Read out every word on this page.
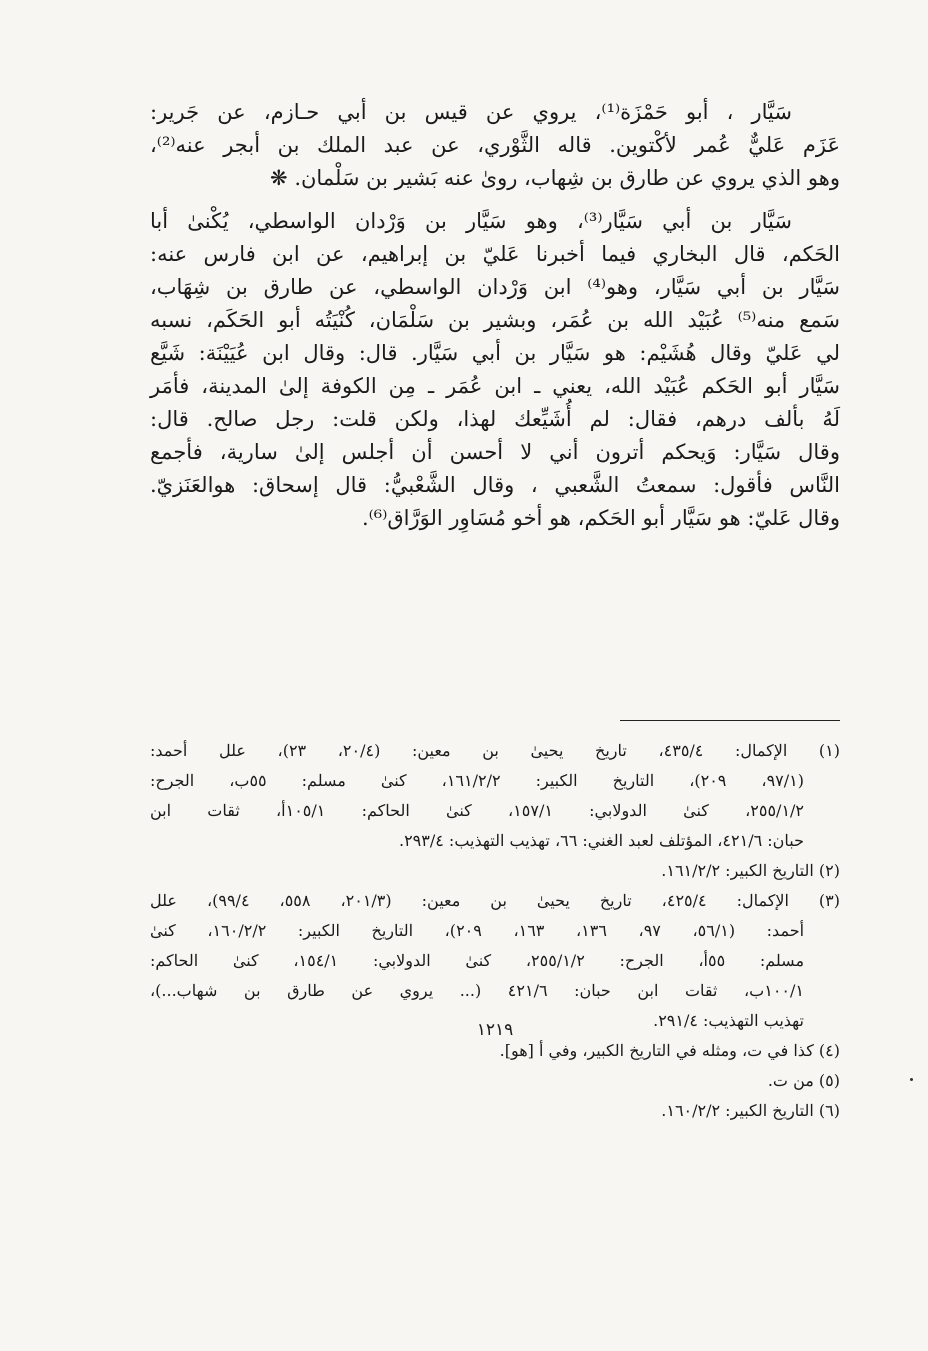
سَيَّار ، أبو حَمْزَة⁽¹⁾، يروي عن قيس بن أبي حـازم، عن جَرير:
عَزَم عَليٌّ عُمر لأكْتوين. قاله الثَّوْري، عن عبد الملك بن أبجر عنه⁽²⁾،
وهو الذي يروي عن طارق بن شِهاب، روىٰ عنه بَشير بن سَلْمان. ❋
سَيَّار بن أبي سَيَّار⁽³⁾، وهو سَيَّار بن وَرْدان الواسطي، يُكْنىٰ أبا
الحَكم، قال البخاري فيما أخبرنا عَليّ بن إبراهيم، عن ابن فارس عنه:
سَيَّار بن أبي سَيَّار، وهو⁽⁴⁾ ابن وَرْدان الواسطي، عن طارق بن شِهَاب،
سَمع منه⁽⁵⁾ عُبَيْد الله بن عُمَر، وبشير بن سَلْمَان، كُنْيَتُه أبو الحَكَم، نسبه
لي عَليّ وقال هُشَيْم: هو سَيَّار بن أبي سَيَّار. قال: وقال ابن عُيَيْنَة: شَيَّع
سَيَّار أبو الحَكم عُبَيْد الله، يعني ـ ابن عُمَر ـ مِن الكوفة إلىٰ المدينة، فأمَر
لَهُ بألف درهم، فقال: لم أُشَيِّعك لهذا، ولكن قلت: رجل صالح. قال:
وقال سَيَّار: وَيحكم أترون أني لا أحسن أن أجلس إلىٰ سارية، فأجمع
النَّاس فأقول: سمعتُ الشَّعبي ، وقال الشَّعْبيُّ: قال إسحاق: هوالعَنَزيّ.
وقال عَليّ: هو سَيَّار أبو الحَكم، هو أخو مُسَاوِر الوَرَّاق⁽⁶⁾.
(١) الإكمال: ٤٣٥/٤، تاريخ يحيىٰ بن معين: (٢٠/٤، ٢٣)، علل أحمد:
(٩٧/١، ٢٠٩)، التاريخ الكبير: ١٦١/٢/٢، كنىٰ مسلم: ٥٥ب، الجرح:
٢٥٥/١/٢، كنىٰ الدولابي: ١٥٧/١، كنىٰ الحاكم: ١٠٥/١أ، ثقات ابن
حبان: ٤٢١/٦، المؤتلف لعبد الغني: ٦٦، تهذيب التهذيب: ٢٩٣/٤.
(٢) التاريخ الكبير: ١٦١/٢/٢.
(٣) الإكمال: ٤٢٥/٤، تاريخ يحيىٰ بن معين: (٢٠١/٣، ٥٥٨، ٩٩/٤)، علل
أحمد: (٥٦/١، ٩٧، ١٣٦، ١٦٣، ٢٠٩)، التاريخ الكبير: ١٦٠/٢/٢، كنىٰ
مسلم: ٥٥أ، الجرح: ٢٥٥/١/٢، كنىٰ الدولابي: ١٥٤/١، كنىٰ الحاكم:
١٠٠/١ب، ثقات ابن حبان: ٤٢١/٦ (... يروي عن طارق بن شهاب...)،
تهذيب التهذيب: ٢٩١/٤.
(٤) كذا في ت، ومثله في التاريخ الكبير، وفي أ [هو].
(٥) من ت.
(٦) التاريخ الكبير: ١٦٠/٢/٢.
١٢١٩
